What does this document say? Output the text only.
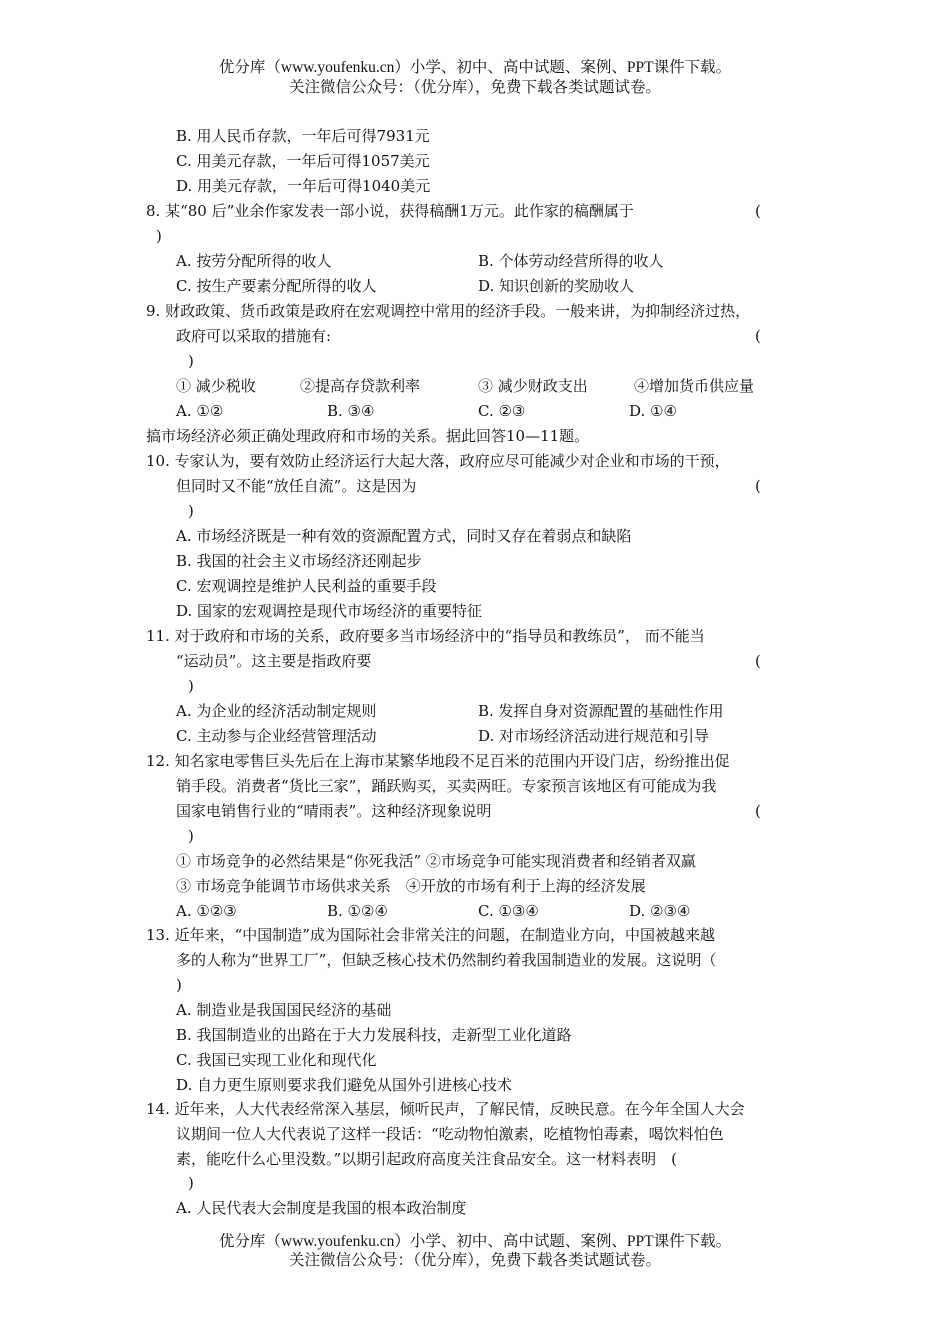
优分库（www.youfenku.cn）小学、初中、高中试题、案例、PPT课件下载。
关注微信公众号：（优分库），免费下载各类试题试卷。
B. 用人民币存款，一年后可得7931元
C. 用美元存款，一年后可得1057美元
D. 用美元存款，一年后可得1040美元
8. 某“80 后”业余作家发表一部小说，获得稿酬1万元。此作家的稿酬属于	(
)
A. 按劳分配所得的收人	B. 个体劳动经营所得的收人
C. 按生产要素分配所得的收人	D. 知识创新的奖励收人
9. 财政政策、货币政策是政府在宏观调控中常用的经济手段。一般来讲，为抑制经济过热，
政府可以采取的措施有:	(
)
① 减少税收	②提高存贷款利率	③ 减少财政支出	④增加货币供应量
A. ①②	B. ③④	C. ②③	D. ①④
搞市场经济必须正确处理政府和市场的关系。据此回答10—11题。
10. 专家认为，要有效防止经济运行大起大落，政府应尽可能减少对企业和市场的干预，
但同时又不能“放任自流”。这是因为	(
)
A. 市场经济既是一种有效的资源配置方式，同时又存在着弱点和缺陷
B. 我国的社会主义市场经济还刚起步
C. 宏观调控是维护人民利益的重要手段
D. 国家的宏观调控是现代市场经济的重要特征
11. 对于政府和市场的关系，政府要多当市场经济中的“指导员和教练员”， 而不能当
“运动员”。这主要是指政府要	(
)
A. 为企业的经济活动制定规则	B. 发挥自身对资源配置的基础性作用
C. 主动参与企业经营管理活动	D. 对市场经济活动进行规范和引导
12. 知名家电零售巨头先后在上海市某繁华地段不足百米的范围内开设门店，纷纷推出促
销手段。消费者“货比三家”，踊跃购买，买卖两旺。专家预言该地区有可能成为我
国家电销售行业的“晴雨表”。这种经济现象说明	(
)
① 市场竞争的必然结果是“你死我活” ②市场竞争可能实现消费者和经销者双赢
③ 市场竞争能调节市场供求关系　④开放的市场有利于上海的经济发展
A. ①②③	B. ①②④	C. ①③④	D. ②③④
13. 近年来，“中国制造”成为国际社会非常关注的问题，在制造业方向，中国被越来越
多的人称为“世界工厂”，但缺乏核心技术仍然制约着我国制造业的发展。这说明（
)
A. 制造业是我国国民经济的基础
B. 我国制造业的出路在于大力发展科技，走新型工业化道路
C. 我国已实现工业化和现代化
D. 自力更生原则要求我们避免从国外引进核心技术
14. 近年来，人大代表经常深入基层，倾听民声，了解民情，反映民意。在今年全国人大会
议期间一位人大代表说了这样一段话：“吃动物怕激素，吃植物怕毒素，喝饮料怕色
素，能吃什么心里没数。”以期引起政府高度关注食品安全。这一材料表明　(
)
A. 人民代表大会制度是我国的根本政治制度
优分库（www.youfenku.cn）小学、初中、高中试题、案例、PPT课件下载。
关注微信公众号：（优分库），免费下载各类试题试卷。
